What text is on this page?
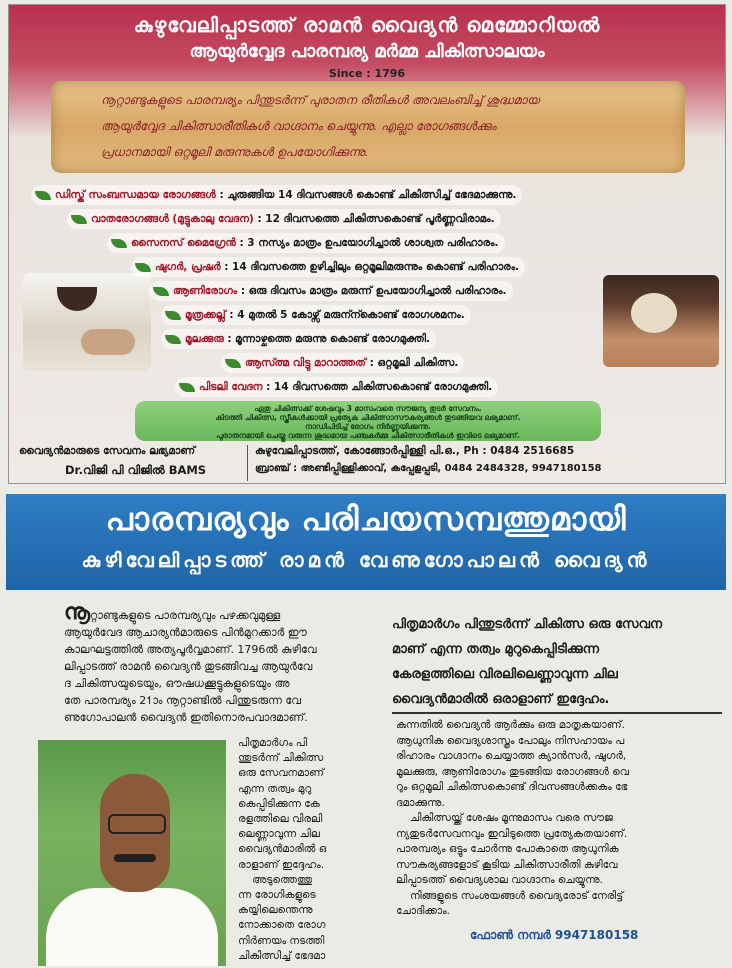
കുഴുവേലിപ്പാടത്ത് രാമൻ വൈദ്യൻ മെമ്മോറിയൽ
ആയുർവ്വേദ പാരമ്പര്യ മർമ്മ ചികിത്സാലയം
Since : 1796
നൂറ്റാണ്ടുകളുടെ പാരമ്പര്യം പിന്തുടർന്ന് പുരാതന രീതികൾ അവലംബിച്ച് ശുദ്ധമായ
ആയുർവ്വേദ ചികിത്സാരീതികൾ വാഗ്ദാനം ചെയ്യുന്നു. എല്ലാ രോഗങ്ങൾക്കും
പ്രധാനമായി ഒറ്റമൂലി മരുന്നുകൾ ഉപയോഗിക്കുന്നു.
ഡിസ്ക് സംബന്ധമായ രോഗങ്ങൾ : ചുരുങ്ങിയ 14 ദിവസങ്ങൾ കൊണ്ട് ചികിത്സിച്ച് ഭേദമാക്കുന്നു.
വാതരോഗങ്ങൾ (മുട്ടുകാലു വേദന) : 12 ദിവസത്തെ ചികിത്സകൊണ്ട് പൂർണ്ണവിരാമം.
സൈനസ് മൈഗ്രേൻ : 3 നസ്യം മാത്രം ഉപയോഗിച്ചാൽ ശാശ്വത പരിഹാരം.
ഷുഗർ, പ്രഷർ : 14 ദിവസത്തെ ഉഴിച്ചിലും ഒറ്റമൂലിമരുന്നും കൊണ്ട് പരിഹാരം.
ആണിരോഗം : ഒരു ദിവസം മാത്രം മരുന്ന് ഉപയോഗിച്ചാൽ പരിഹാരം.
മൂത്രക്കല്ല് : 4 മുതൽ 5 കോഴ്സ് മരുന്ന്കൊണ്ട് രോഗശമനം.
മൂലക്കുരു : മൂന്നാഴ്ചത്തെ മരുന്നു കൊണ്ട് രോഗമുക്തി.
ആസ്ത്മ വിട്ടു മാറാത്തത് : ഒറ്റമൂലി ചികിത്സ.
പിടലി വേദന : 14 ദിവസത്തെ ചികിത്സകൊണ്ട് രോഗമുക്തി.
ഏതു ചികിത്സക്ക് ശേഷവും 3 മാസംവരെ സൗജന്യ തുടർ സേവനം.
കിടത്തി ചികിത്സ, സ്ത്രീകൾക്കായി പ്രത്യേക ചികിത്സാസൗകര്യങ്ങൾ തുടങ്ങിയവ ലഭ്യമാണ്.
നാഡിപിടിച്ച് രോഗം നിർണ്ണയിക്കുന്നു.
പുരാതനമായി ചെയ്തു വരുന്ന ശുദ്ധമായ പഞ്ചകർമ്മ ചികിത്സാരീതികൾ ഇവിടെ ലഭ്യമാണ്.
വൈദ്യൻമാരുടെ സേവനം ലഭ്യമാണ്
Dr.വിജി പി വിജിൽ BAMS
കുഴുവേലിപ്പാടത്ത്, കോങ്ങോർപ്പിള്ളി പി.ഒ., Ph : 0484 2516685
ബ്രാഞ്ച് : അണ്ടിപ്പിള്ളിക്കാവ്, കപ്പേളപ്പടി, 0484 2484328, 9947180158
പാരമ്പര്യവും പരിചയസമ്പത്തുമായി
കുഴിവേലിപ്പാടത്ത് രാമൻ വേണുഗോപാലൻ വൈദ്യൻ
നൂറ്റാണ്ടുകളുടെ പാരമ്പര്യവും പഴക്കവുമുള്ള
ആയുർവേദ ആചാര്യൻമാരുടെ പിൻമുറക്കാർ ഈ
കാലഘട്ടത്തിൽ അത്യപൂർവ്വമാണ്. 1796ൽ കുഴിവേ
ലിപ്പാടത്ത് രാമൻ വൈദ്യൻ തുടങ്ങിവച്ച ആയുർവേ
ദ ചികിത്സയുടെയും, ഔഷധക്കൂട്ടുകളുടെയും അ
തേ പാരമ്പര്യം 21ാം നൂറ്റാണ്ടിൽ പിന്തുടരുന്ന വേ
ണുഗോപാലൻ വൈദ്യൻ ഇതിനൊരപവാദമാണ്.
പിതൃമാർഗം പി
ന്തുടർന്ന് ചികിത്സ
ഒരു സേവനമാണ്
എന്ന തത്വം മുറു
കെപ്പിടിക്കുന്ന കേ
രളത്തിലെ വിരലി
ലെണ്ണാവുന്ന ചില
വൈദ്യൻമാരിൽ ഒ
രാളാണ് ഇദ്ദേഹം.
അടുത്തെത്തു
ന്ന രോഗികളുടെ
കയ്യിലെന്തെന്നു
നോക്കാതെ രോഗ
നിർണയം നടത്തി
ചികിത്സിച്ച് ഭേദമാ
പിതൃമാർഗം പിന്തുടർന്ന് ചികിത്സ ഒരു സേവന
മാണ് എന്ന തത്വം മുറുകെപ്പിടിക്കുന്ന
കേരളത്തിലെ വിരലിലെണ്ണാവുന്ന ചില
വൈദ്യൻമാരിൽ ഒരാളാണ് ഇദ്ദേഹം.
കുന്നതിൽ വൈദ്യൻ ആർക്കും ഒരു മാതൃകയാണ്.
ആധുനിക വൈദ്യശാസ്ത്രം പോലും നിസഹായം പ
രിഹാരം വാഗ്ദാനം ചെയ്യാത്ത ക്യാൻസർ, ഷുഗർ,
മൂലക്കുരു, ആണിരോഗം തുടങ്ങിയ രോഗങ്ങൾ വെ
റും ഒറ്റമൂലി ചികിത്സകൊണ്ട് ദിവസങ്ങൾക്കകം ഭേ
ദമാക്കുന്നു.
ചികിത്സയ്ക്ക് ശേഷം മൂന്നുമാസം വരെ സൗജ
ന്യതുടർസേവനവും ഇവിടുത്തെ പ്രത്യേകതയാണ്.
പാരമ്പര്യം ഒട്ടും ചോർന്നു പോകാതെ ആധുനിക
സൗകര്യങ്ങളോട് കൂടിയ ചികിത്സാരീതി കുഴിവേ
ലിപ്പാടത്ത് വൈദ്യശാല വാഗ്ദാനം ചെയ്യുന്നു.
നിങ്ങളുടെ സംശയങ്ങൾ വൈദ്യരോട് നേരിട്ട്
ചോദിക്കാം.
ഫോൺ നമ്പർ 9947180158
